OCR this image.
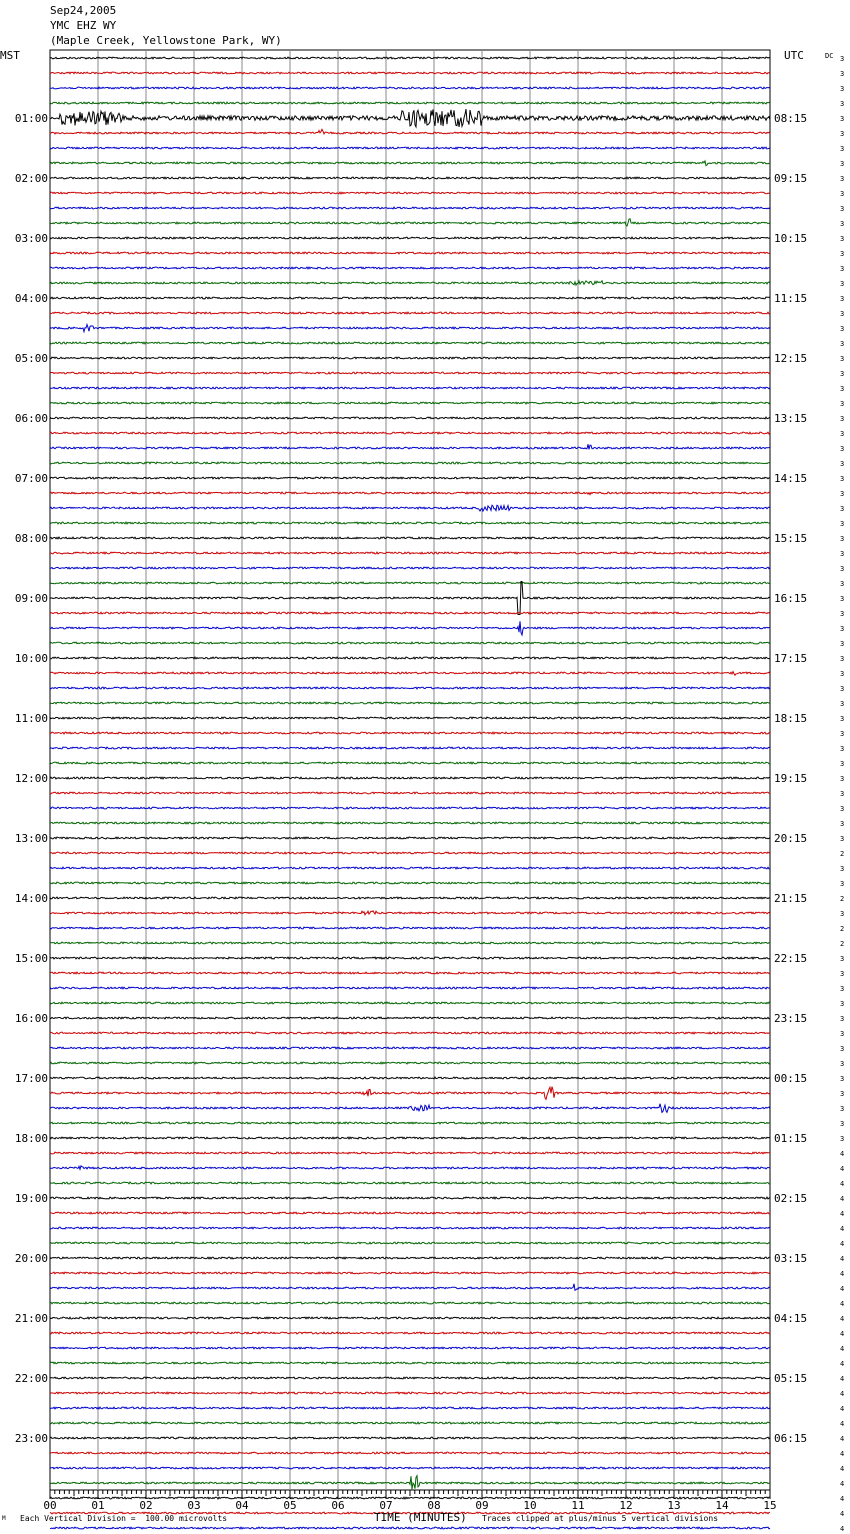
Sep24,2005
YMC EHZ WY
(Maple Creek, Yellowstone Park, WY)
MST	UTC	DC 3
3
3
3
3
3
3
3
3
3
3
3
3
3
3
3
3
3
3
3
3
3
3
3
3
3
3
3
3
3
3
3
3
3
3
3
3
3
3
3
3
3
3
3
3
3
3
3
3
3
3
3
3
2
3
3
2
3
2
2
3
3
3
3
3
3
3
3
3
3
3
3
3
4
4
4
4
4
4
4
4
4
4
4
4
4
4
4
4
4
4
4
4
4
4
4
4
4
4
01:00	08:15
02:00	09:15
03:00	10:15
04:00	11:15
05:00	12:15
06:00	13:15
07:00	14:15
08:00	15:15
09:00	16:15
10:00	17:15
11:00	18:15
12:00	19:15
13:00	20:15
14:00	21:15
15:00	22:15
16:00	23:15
17:00	00:15
18:00	01:15
19:00	02:15
20:00	03:15
21:00	04:15
22:00	05:15
23:00	06:15
00	01	02	03	04	05	06	07	08	09	10	11	12	13	14	15
TIME (MINUTES)
M Each Vertical Division =  100.00 microvolts	Traces clipped at plus/minus 5 vertical divisions
